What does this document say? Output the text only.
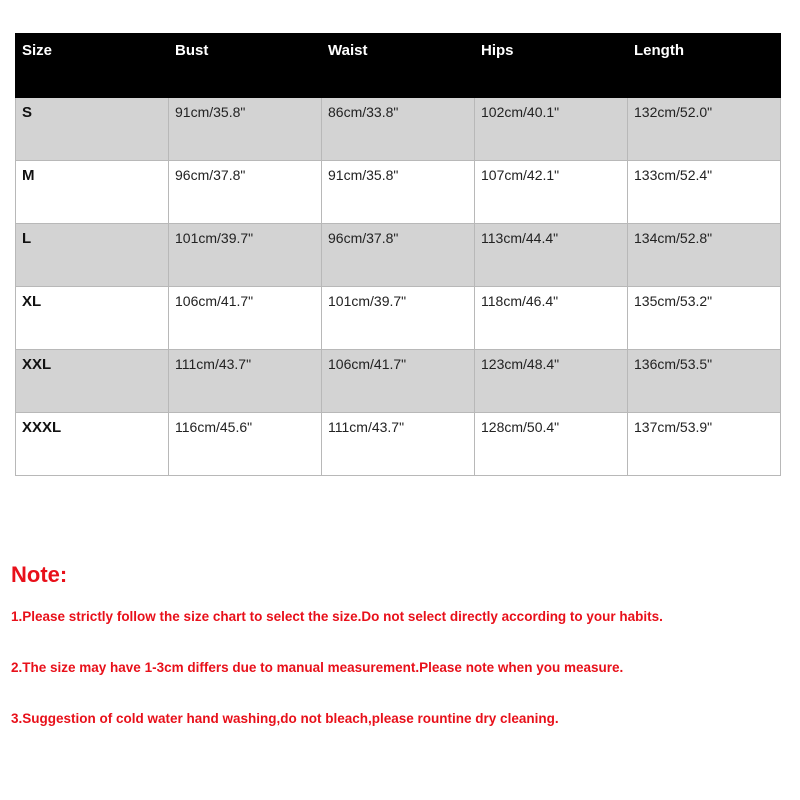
Size	Bust	Waist	Hips	Length
S	91cm/35.8"	86cm/33.8"	102cm/40.1"	132cm/52.0"
M	96cm/37.8"	91cm/35.8"	107cm/42.1"	133cm/52.4"
L	101cm/39.7"	96cm/37.8"	113cm/44.4"	134cm/52.8"
XL	106cm/41.7"	101cm/39.7"	118cm/46.4"	135cm/53.2"
XXL	111cm/43.7"	106cm/41.7"	123cm/48.4"	136cm/53.5"
XXXL	116cm/45.6"	111cm/43.7"	128cm/50.4"	137cm/53.9"
Note:

1.Please strictly follow the size chart to select the size.Do not select directly according to your habits.

2.The size may have 1-3cm differs due to manual measurement.Please note when you measure.

3.Suggestion of cold water hand washing,do not bleach,please rountine dry cleaning.
